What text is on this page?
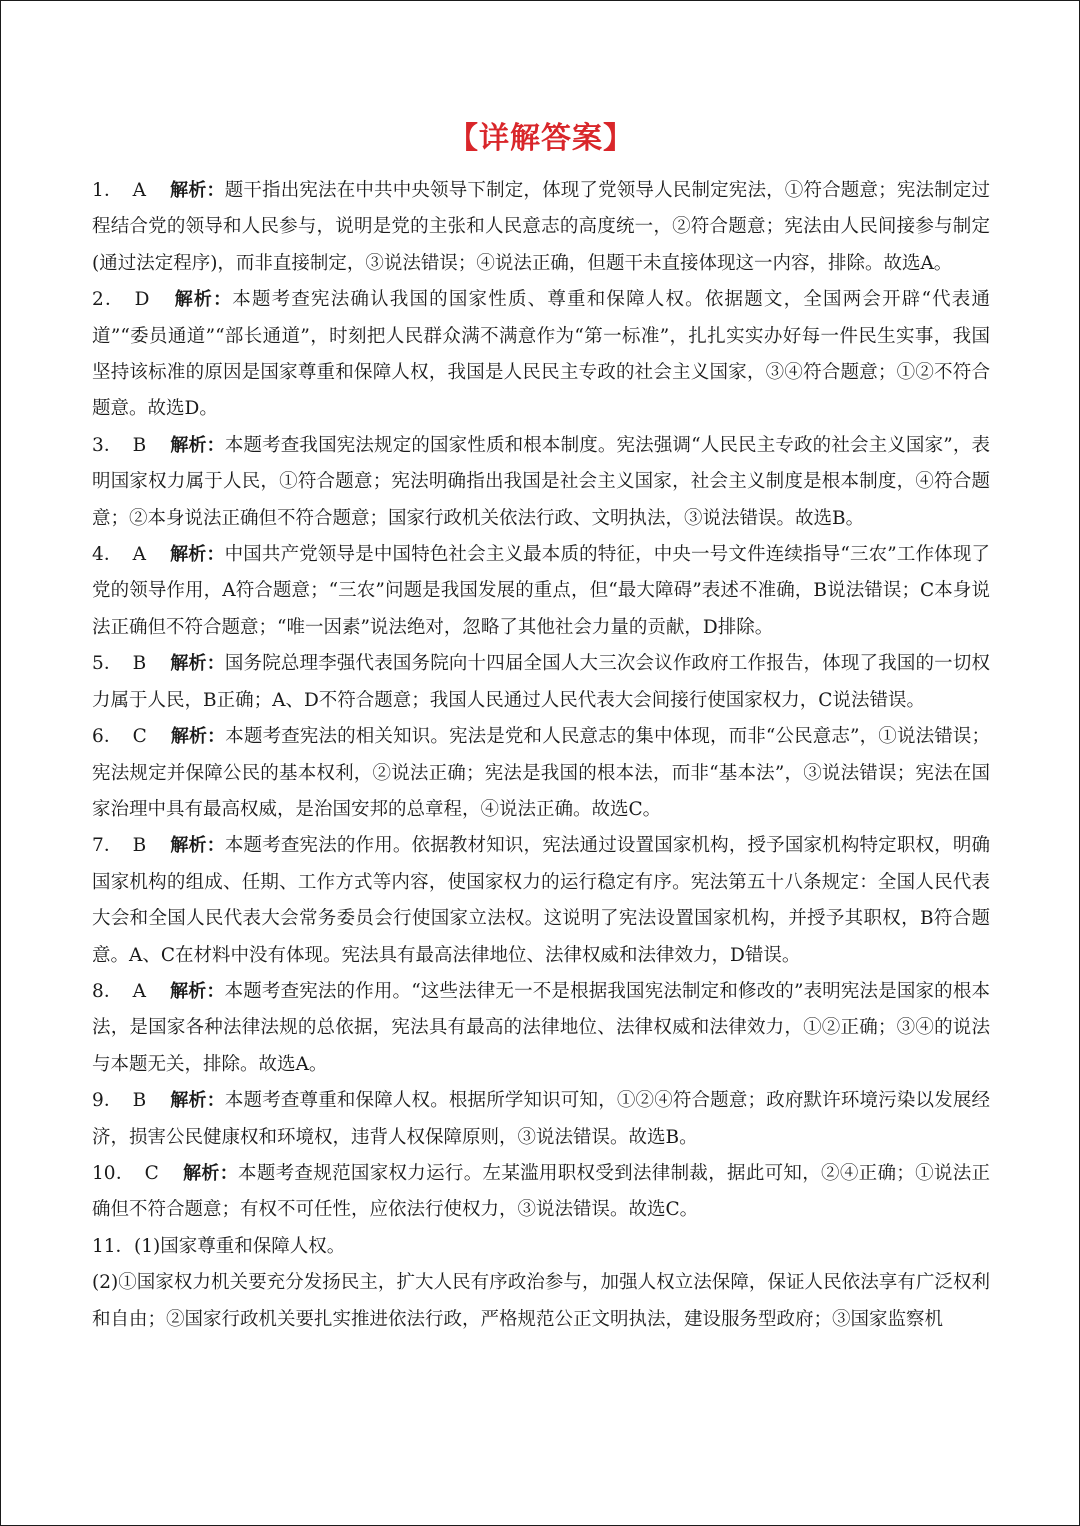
【详解答案】

1． A 解析：题干指出宪法在中共中央领导下制定，体现了党领导人民制定宪法，①符合题意；宪法制定过程结合党的领导和人民参与，说明是党的主张和人民意志的高度统一，②符合题意；宪法由人民间接参与制定(通过法定程序)，而非直接制定，③说法错误；④说法正确，但题干未直接体现这一内容，排除。故选A。

2． D 解析：本题考查宪法确认我国的国家性质、尊重和保障人权。依据题文，全国两会开辟“代表通道”“委员通道”“部长通道”，时刻把人民群众满不满意作为“第一标准”，扎扎实实办好每一件民生实事，我国坚持该标准的原因是国家尊重和保障人权，我国是人民民主专政的社会主义国家，③④符合题意；①②不符合题意。故选D。

3． B 解析：本题考查我国宪法规定的国家性质和根本制度。宪法强调“人民民主专政的社会主义国家”，表明国家权力属于人民，①符合题意；宪法明确指出我国是社会主义国家，社会主义制度是根本制度，④符合题意；②本身说法正确但不符合题意；国家行政机关依法行政、文明执法，③说法错误。故选B。

4． A 解析：中国共产党领导是中国特色社会主义最本质的特征，中央一号文件连续指导“三农”工作体现了党的领导作用，A符合题意；“三农”问题是我国发展的重点，但“最大障碍”表述不准确，B说法错误；C本身说法正确但不符合题意；“唯一因素”说法绝对，忽略了其他社会力量的贡献，D排除。

5． B 解析：国务院总理李强代表国务院向十四届全国人大三次会议作政府工作报告，体现了我国的一切权力属于人民，B正确；A、D不符合题意；我国人民通过人民代表大会间接行使国家权力，C说法错误。

6． C 解析：本题考查宪法的相关知识。宪法是党和人民意志的集中体现，而非“公民意志”，①说法错误；宪法规定并保障公民的基本权利，②说法正确；宪法是我国的根本法，而非“基本法”，③说法错误；宪法在国家治理中具有最高权威，是治国安邦的总章程，④说法正确。故选C。

7． B 解析：本题考查宪法的作用。依据教材知识，宪法通过设置国家机构，授予国家机构特定职权，明确国家机构的组成、任期、工作方式等内容，使国家权力的运行稳定有序。宪法第五十八条规定：全国人民代表大会和全国人民代表大会常务委员会行使国家立法权。这说明了宪法设置国家机构，并授予其职权，B符合题意。A、C在材料中没有体现。宪法具有最高法律地位、法律权威和法律效力，D错误。

8． A 解析：本题考查宪法的作用。“这些法律无一不是根据我国宪法制定和修改的”表明宪法是国家的根本法，是国家各种法律法规的总依据，宪法具有最高的法律地位、法律权威和法律效力，①②正确；③④的说法与本题无关，排除。故选A。

9． B 解析：本题考查尊重和保障人权。根据所学知识可知，①②④符合题意；政府默许环境污染以发展经济，损害公民健康权和环境权，违背人权保障原则，③说法错误。故选B。

10． C 解析：本题考查规范国家权力运行。左某滥用职权受到法律制裁，据此可知，②④正确；①说法正确但不符合题意；有权不可任性，应依法行使权力，③说法错误。故选C。

11．(1)国家尊重和保障人权。

(2)①国家权力机关要充分发扬民主，扩大人民有序政治参与，加强人权立法保障，保证人民依法享有广泛权利和自由；②国家行政机关要扎实推进依法行政，严格规范公正文明执法，建设服务型政府；③国家监察机
